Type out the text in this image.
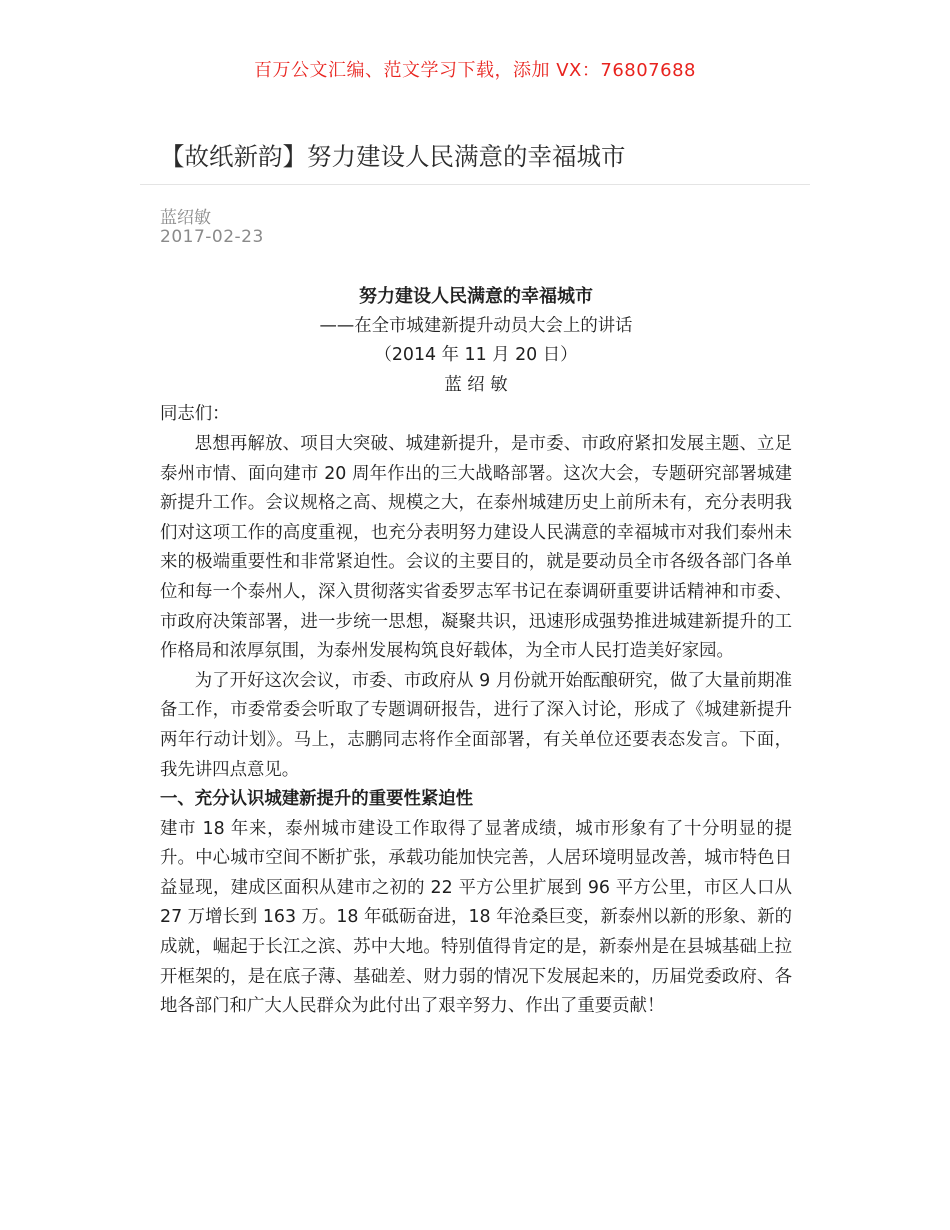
百万公文汇编、范文学习下载，添加 VX：76807688
【故纸新韵】努力建设人民满意的幸福城市
蓝绍敏
2017-02-23
努力建设人民满意的幸福城市
——在全市城建新提升动员大会上的讲话
（2014 年 11 月 20 日）
蓝 绍 敏

同志们：

思想再解放、项目大突破、城建新提升，是市委、市政府紧扣发展主题、立足泰州市情、面向建市 20 周年作出的三大战略部署。这次大会，专题研究部署城建新提升工作。会议规格之高、规模之大，在泰州城建历史上前所未有，充分表明我们对这项工作的高度重视，也充分表明努力建设人民满意的幸福城市对我们泰州未来的极端重要性和非常紧迫性。会议的主要目的，就是要动员全市各级各部门各单位和每一个泰州人，深入贯彻落实省委罗志军书记在泰调研重要讲话精神和市委、市政府决策部署，进一步统一思想，凝聚共识，迅速形成强势推进城建新提升的工作格局和浓厚氛围，为泰州发展构筑良好载体，为全市人民打造美好家园。

为了开好这次会议，市委、市政府从 9 月份就开始酝酿研究，做了大量前期准备工作，市委常委会听取了专题调研报告，进行了深入讨论，形成了《城建新提升两年行动计划》。马上，志鹏同志将作全面部署，有关单位还要表态发言。下面，我先讲四点意见。

一、充分认识城建新提升的重要性紧迫性

建市 18 年来，泰州城市建设工作取得了显著成绩，城市形象有了十分明显的提升。中心城市空间不断扩张，承载功能加快完善，人居环境明显改善，城市特色日益显现，建成区面积从建市之初的 22 平方公里扩展到 96 平方公里，市区人口从 27 万增长到 163 万。18 年砥砺奋进，18 年沧桑巨变，新泰州以新的形象、新的成就，崛起于长江之滨、苏中大地。特别值得肯定的是，新泰州是在县城基础上拉开框架的，是在底子薄、基础差、财力弱的情况下发展起来的，历届党委政府、各地各部门和广大人民群众为此付出了艰辛努力、作出了重要贡献！
